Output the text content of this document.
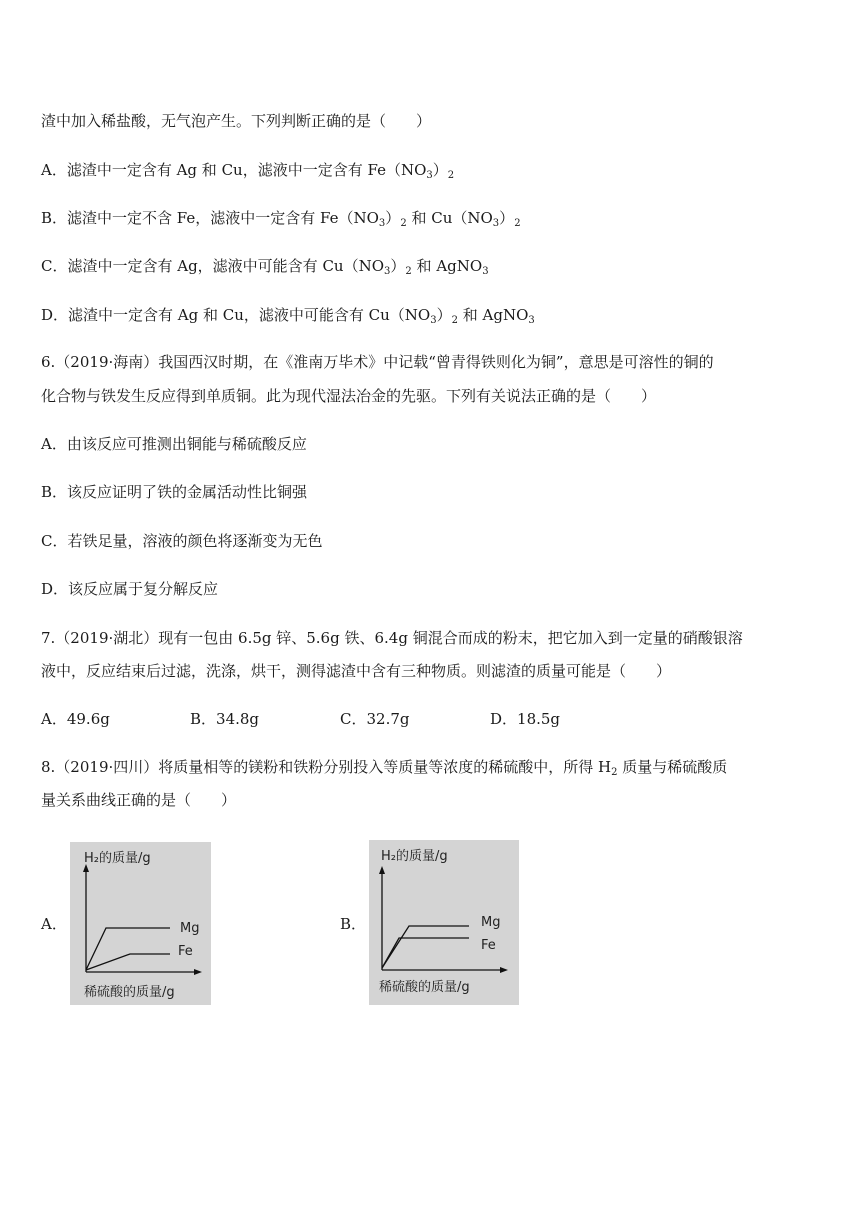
渣中加入稀盐酸，无气泡产生。下列判断正确的是（　　）
A．滤渣中一定含有 Ag 和 Cu，滤液中一定含有 $Fe(NO_3)_2$
B．滤渣中一定不含 Fe，滤液中一定含有 $Fe(NO_3)_2$ 和 $Cu(NO_3)_2$
C．滤渣中一定含有 Ag，滤液中可能含有 $Cu(NO_3)_2$ 和 AgNO$_3$
D．滤渣中一定含有 Ag 和 Cu，滤液中可能含有 $Cu(NO_3)_2$ 和 AgNO$_3$
6.（2019·海南）我国西汉时期，在《淮南万毕术》中记载“曾青得铁则化为铜”，意思是可溶性的铜的
化合物与铁发生反应得到单质铜。此为现代湿法冶金的先驱。下列有关说法正确的是（　　）
A．由该反应可推测出铜能与稀硫酸反应
B．该反应证明了铁的金属活动性比铜强
C．若铁足量，溶液的颜色将逐渐变为无色
D．该反应属于复分解反应
7.（2019·湖北）现有一包由 6.5g 锌、5.6g 铁、6.4g 铜混合而成的粉末，把它加入到一定量的硝酸银溶
液中，反应结束后过滤，洗涤，烘干，测得滤渣中含有三种物质。则滤渣的质量可能是（　　）
A．49.6g	B．34.8g	C．32.7g	D．18.5g
8.（2019·四川）将质量相等的镁粉和铁粉分别投入等质量等浓度的稀硫酸中，所得 $H_2$ 质量与稀硫酸质
量关系曲线正确的是（　　）
A．
H₂的质量/g
Mg
Fe
稀硫酸的质量/g
B．
H₂的质量/g
Mg
Fe
稀硫酸的质量/g
